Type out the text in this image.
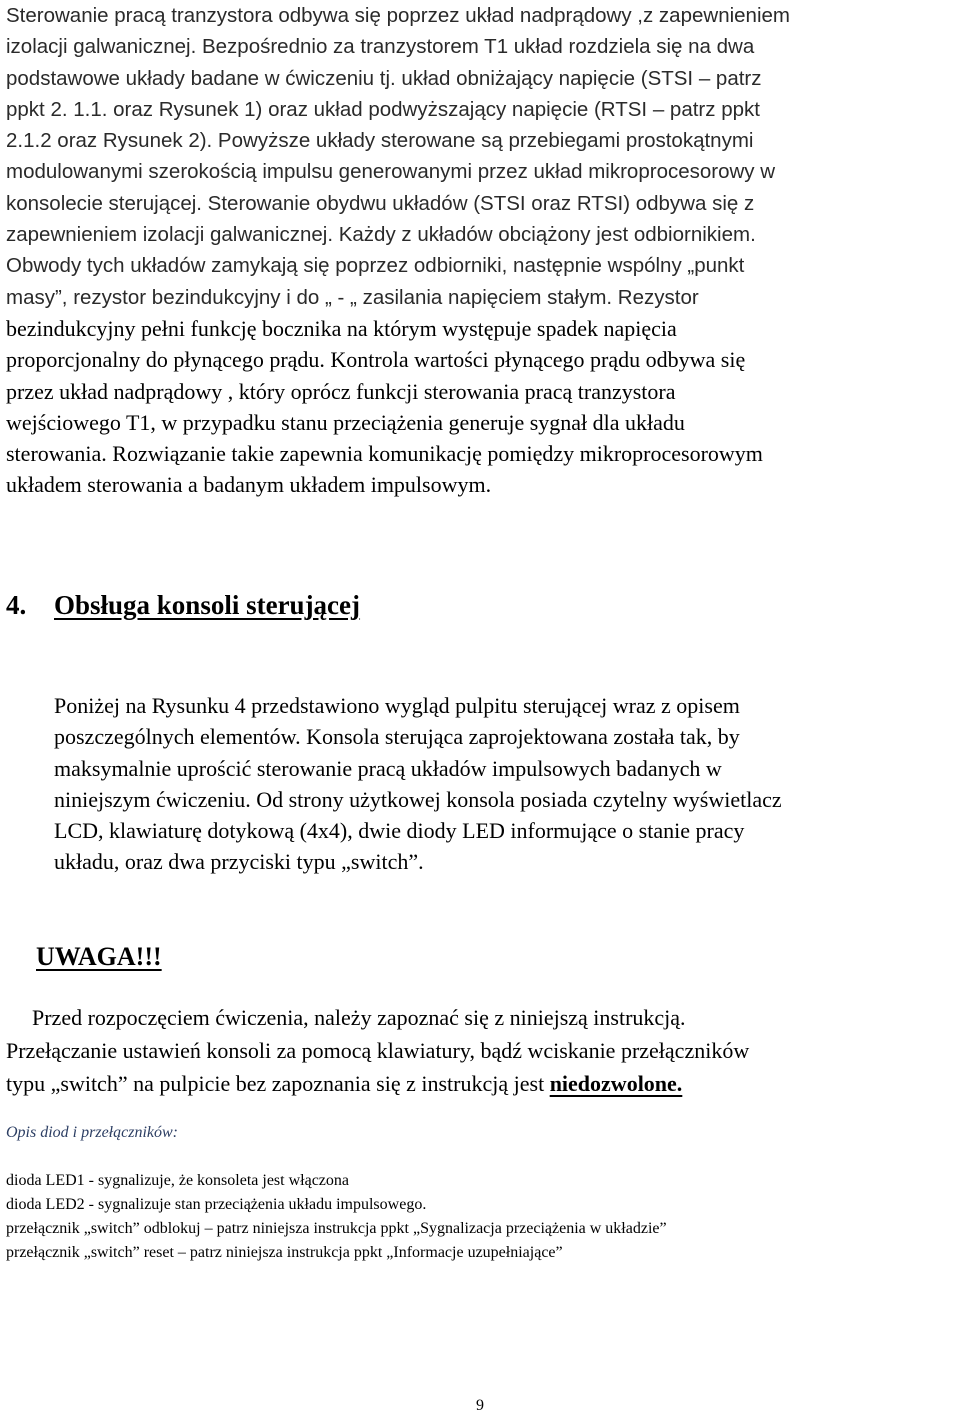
Sterowanie pracą tranzystora odbywa się poprzez układ nadprądowy ,z zapewnieniem
izolacji galwanicznej. Bezpośrednio za tranzystorem T1 układ rozdziela się na dwa
podstawowe układy badane w ćwiczeniu tj. układ obniżający napięcie (STSI – patrz
ppkt 2. 1.1. oraz Rysunek 1) oraz układ podwyższający napięcie (RTSI – patrz ppkt
2.1.2 oraz Rysunek 2). Powyższe układy sterowane są przebiegami prostokątnymi
modulowanymi szerokością impulsu generowanymi przez układ mikroprocesorowy w
konsolecie sterującej. Sterowanie obydwu układów (STSI oraz RTSI) odbywa się z
zapewnieniem izolacji galwanicznej. Każdy z układów obciążony jest odbiornikiem.
Obwody tych układów zamykają się poprzez odbiorniki, następnie wspólny „punkt
masy”, rezystor bezindukcyjny i do „ - „ zasilania napięciem stałym. Rezystor
bezindukcyjny pełni funkcję bocznika na którym występuje spadek napięcia
proporcjonalny do płynącego prądu. Kontrola wartości płynącego prądu odbywa się
przez układ nadprądowy , który oprócz funkcji sterowania pracą tranzystora
wejściowego T1, w przypadku stanu przeciążenia generuje sygnał dla układu
sterowania. Rozwiązanie takie zapewnia komunikację pomiędzy mikroprocesorowym
układem sterowania a badanym układem impulsowym.
4. Obsługa konsoli sterującej
Poniżej na Rysunku 4 przedstawiono wygląd pulpitu sterującej wraz z opisem
poszczególnych elementów. Konsola sterująca zaprojektowana została tak, by
maksymalnie uprościć sterowanie pracą układów impulsowych badanych w
niniejszym ćwiczeniu. Od strony użytkowej konsola posiada czytelny wyświetlacz
LCD, klawiaturę dotykową (4x4), dwie diody LED informujące o stanie pracy
układu, oraz dwa przyciski typu „switch”.
UWAGA!!!
Przed rozpoczęciem ćwiczenia, należy zapoznać się z niniejszą instrukcją.
Przełączanie ustawień konsoli za pomocą klawiatury, bądź wciskanie przełączników
typu „switch” na pulpicie bez zapoznania się z instrukcją jest niedozwolone.
Opis diod i przełączników:
dioda LED1 - sygnalizuje, że konsoleta jest włączona
dioda LED2 - sygnalizuje stan przeciążenia układu impulsowego.
przełącznik „switch” odblokuj – patrz niniejsza instrukcja ppkt „Sygnalizacja przeciążenia w układzie”
przełącznik „switch” reset – patrz niniejsza instrukcja ppkt „Informacje uzupełniające”
9
